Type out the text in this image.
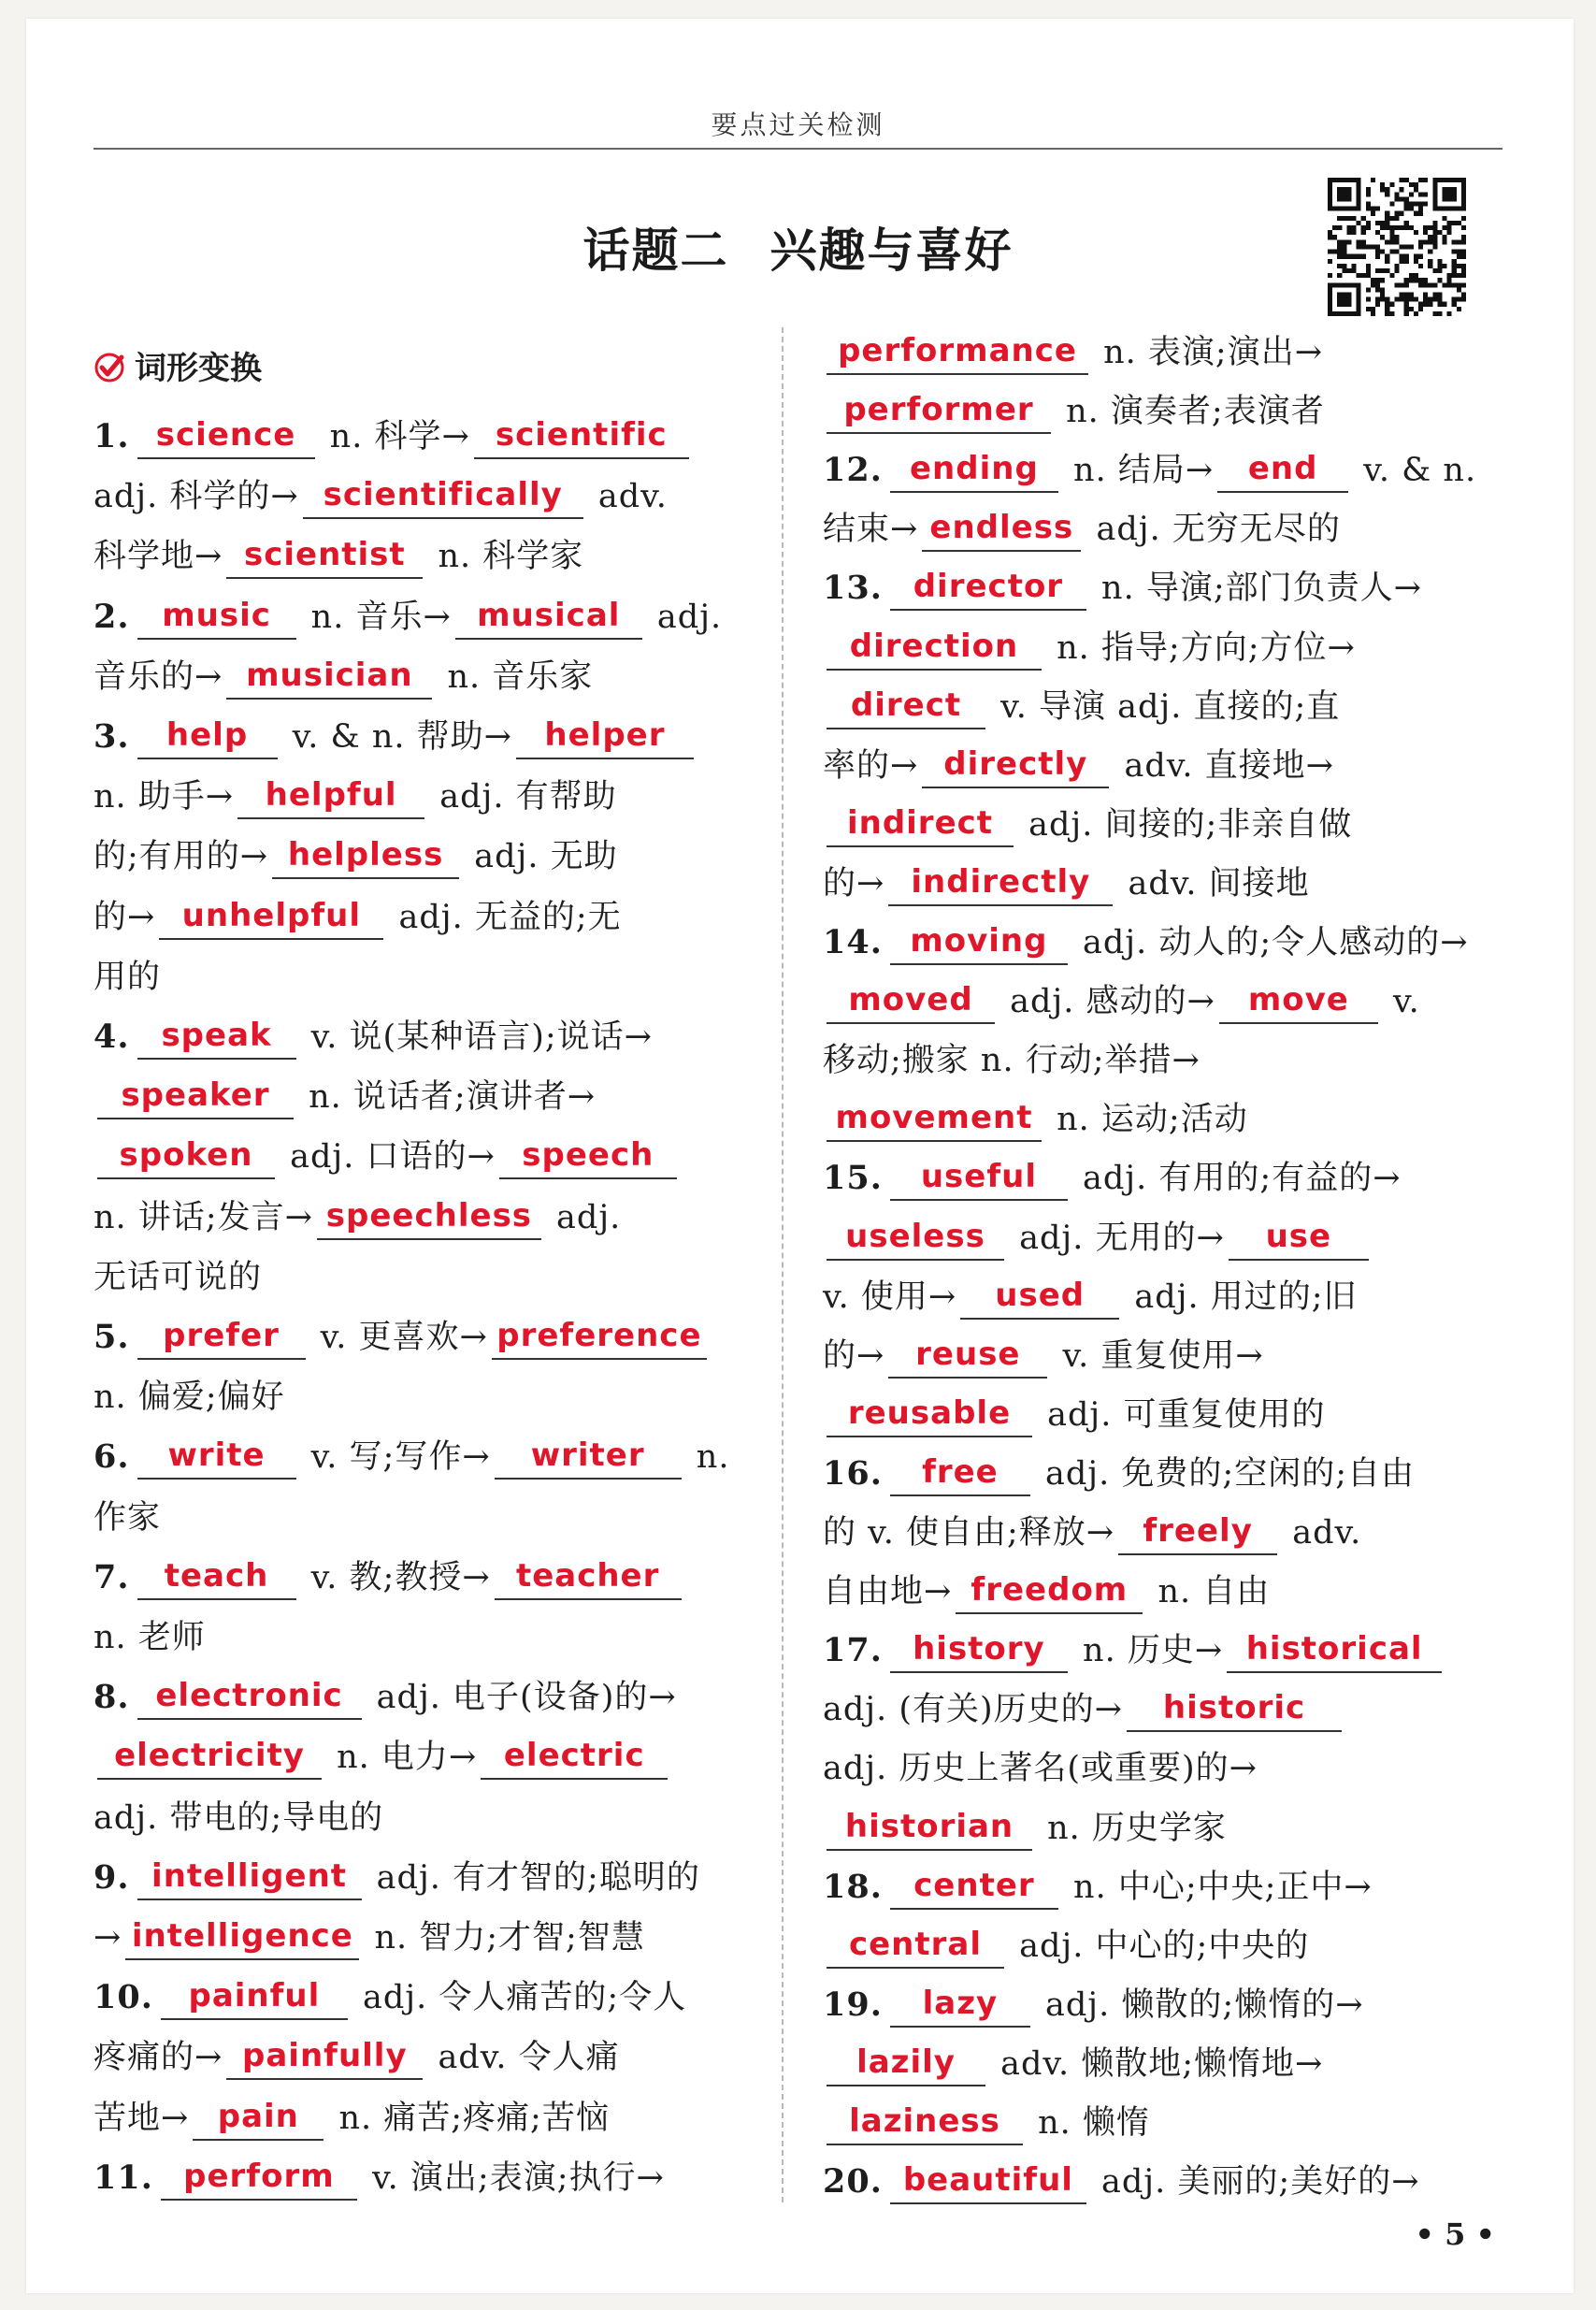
要点过关检测
话题二 兴趣与喜好
词形变换
1. science n. 科学→ scientific
adj. 科学的→ scientifically adv.
科学地→ scientist n. 科学家
2. music n. 音乐→ musical adj.
音乐的→ musician n. 音乐家
3. help v. & n. 帮助→ helper
n. 助手→ helpful adj. 有帮助
的;有用的→ helpless adj. 无助
的→ unhelpful adj. 无益的;无
用的
4. speak v. 说(某种语言);说话→
speaker n. 说话者;演讲者→
spoken adj. 口语的→ speech
n. 讲话;发言→ speechless adj.
无话可说的
5. prefer v. 更喜欢→ preference
n. 偏爱;偏好
6. write v. 写;写作→ writer n.
作家
7. teach v. 教;教授→ teacher
n. 老师
8. electronic adj. 电子(设备)的→
electricity n. 电力→ electric
adj. 带电的;导电的
9. intelligent adj. 有才智的;聪明的
→ intelligence n. 智力;才智;智慧
10. painful adj. 令人痛苦的;令人
疼痛的→ painfully adv. 令人痛
苦地→ pain n. 痛苦;疼痛;苦恼
11. perform v. 演出;表演;执行→
performance n. 表演;演出→
performer n. 演奏者;表演者
12. ending n. 结局→ end v. & n.
结束→ endless adj. 无穷无尽的
13. director n. 导演;部门负责人→
direction n. 指导;方向;方位→
direct v. 导演 adj. 直接的;直
率的→ directly adv. 直接地→
indirect adj. 间接的;非亲自做
的→ indirectly adv. 间接地
14. moving adj. 动人的;令人感动的→
moved adj. 感动的→ move v.
移动;搬家 n. 行动;举措→
movement n. 运动;活动
15. useful adj. 有用的;有益的→
useless adj. 无用的→ use
v. 使用→ used adj. 用过的;旧
的→ reuse v. 重复使用→
reusable adj. 可重复使用的
16. free adj. 免费的;空闲的;自由
的 v. 使自由;释放→ freely adv.
自由地→ freedom n. 自由
17. history n. 历史→ historical
adj. (有关)历史的→ historic
adj. 历史上著名(或重要)的→
historian n. 历史学家
18. center n. 中心;中央;正中→
central adj. 中心的;中央的
19. lazy adj. 懒散的;懒惰的→
lazily adv. 懒散地;懒惰地→
laziness n. 懒惰
20. beautiful adj. 美丽的;美好的→
• 5 •
